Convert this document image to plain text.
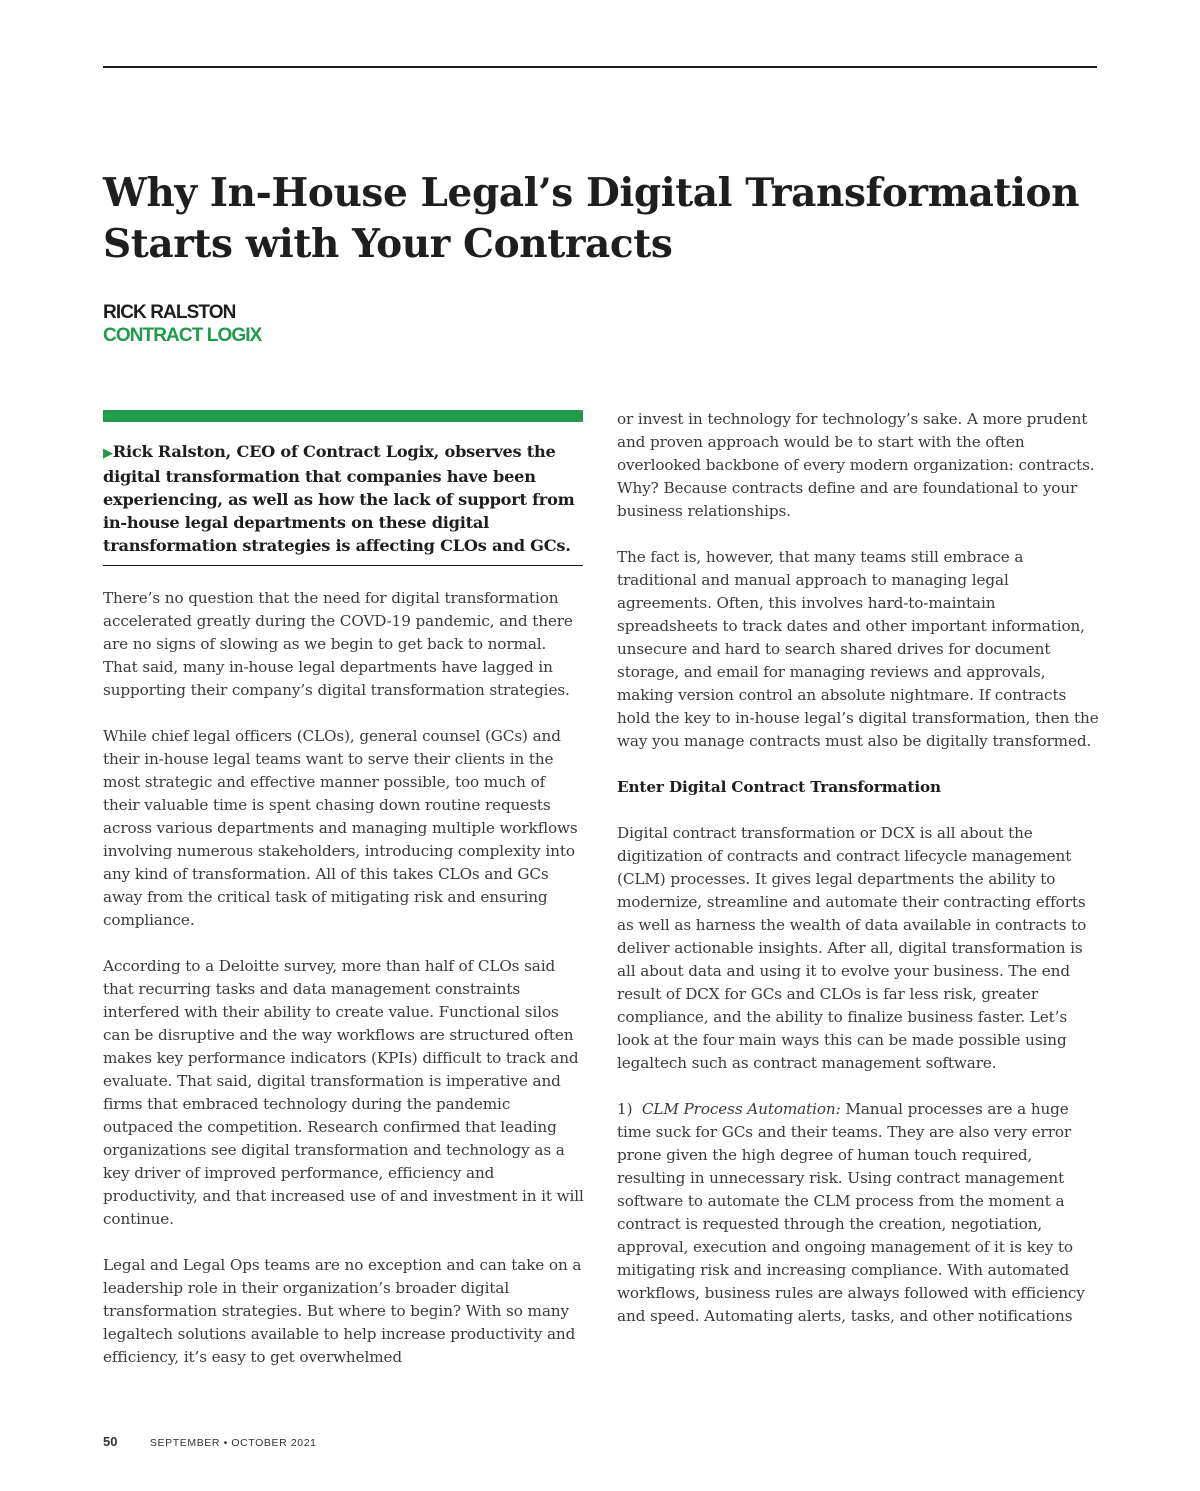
Why In-House Legal’s Digital Transformation
Starts with Your Contracts
RICK RALSTON
CONTRACT LOGIX

▶Rick Ralston, CEO of Contract Logix, observes the digital transformation that companies have been experiencing, as well as how the lack of support from in-house legal departments on these digital transformation strategies is affecting CLOs and GCs.

There’s no question that the need for digital transformation accelerated greatly during the COVD-19 pandemic, and there are no signs of slowing as we begin to get back to normal. That said, many in-house legal departments have lagged in supporting their company’s digital transformation strategies.

While chief legal officers (CLOs), general counsel (GCs) and their in-house legal teams want to serve their clients in the most strategic and effective manner possible, too much of their valuable time is spent chasing down routine requests across various departments and managing multiple workflows involving numerous stakeholders, introducing complexity into any kind of transformation. All of this takes CLOs and GCs away from the critical task of mitigating risk and ensuring compliance.

According to a Deloitte survey, more than half of CLOs said that recurring tasks and data management constraints interfered with their ability to create value. Functional silos can be disruptive and the way workflows are structured often makes key performance indicators (KPIs) difficult to track and evaluate. That said, digital transformation is imperative and firms that embraced technology during the pandemic outpaced the competition. Research confirmed that leading organizations see digital transformation and technology as a key driver of improved performance, efficiency and productivity, and that increased use of and investment in it will continue.

Legal and Legal Ops teams are no exception and can take on a leadership role in their organization’s broader digital transformation strategies. But where to begin? With so many legaltech solutions available to help increase productivity and efficiency, it’s easy to get overwhelmed

or invest in technology for technology’s sake. A more prudent and proven approach would be to start with the often overlooked backbone of every modern organization: contracts. Why? Because contracts define and are foundational to your business relationships.

The fact is, however, that many teams still embrace a traditional and manual approach to managing legal agreements. Often, this involves hard-to-maintain spreadsheets to track dates and other important information, unsecure and hard to search shared drives for document storage, and email for managing reviews and approvals, making version control an absolute nightmare. If contracts hold the key to in-house legal’s digital transformation, then the way you manage contracts must also be digitally transformed.

Enter Digital Contract Transformation

Digital contract transformation or DCX is all about the digitization of contracts and contract lifecycle management (CLM) processes. It gives legal departments the ability to modernize, streamline and automate their contracting efforts as well as harness the wealth of data available in contracts to deliver actionable insights. After all, digital transformation is all about data and using it to evolve your business. The end result of DCX for GCs and CLOs is far less risk, greater compliance, and the ability to finalize business faster. Let’s look at the four main ways this can be made possible using legaltech such as contract management software.

1) CLM Process Automation: Manual processes are a huge time suck for GCs and their teams. They are also very error prone given the high degree of human touch required, resulting in unnecessary risk. Using contract management software to automate the CLM process from the moment a contract is requested through the creation, negotiation, approval, execution and ongoing management of it is key to mitigating risk and increasing compliance. With automated workflows, business rules are always followed with efficiency and speed. Automating alerts, tasks, and other notifications

50	SEPTEMBER • OCTOBER 2021
